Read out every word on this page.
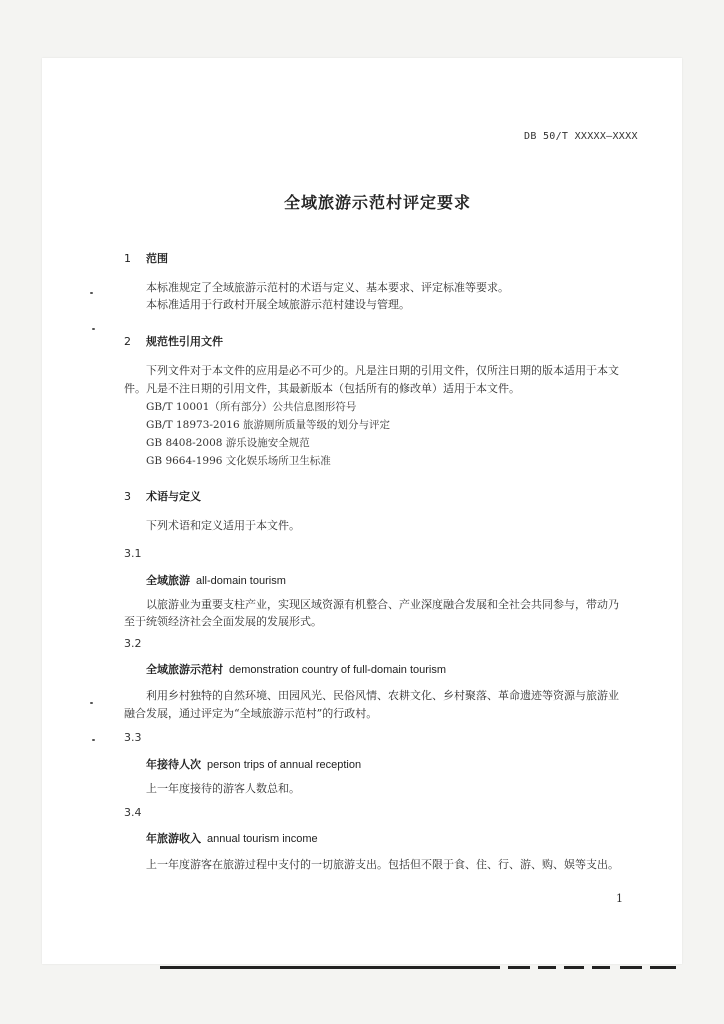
DB 50/T XXXXX—XXXX
全域旅游示范村评定要求
1 范围
本标准规定了全域旅游示范村的术语与定义、基本要求、评定标准等要求。
本标准适用于行政村开展全域旅游示范村建设与管理。
2 规范性引用文件
下列文件对于本文件的应用是必不可少的。凡是注日期的引用文件，仅所注日期的版本适用于本文
件。凡是不注日期的引用文件，其最新版本（包括所有的修改单）适用于本文件。
GB/T 10001（所有部分）公共信息图形符号
GB/T 18973-2016 旅游厕所质量等级的划分与评定
GB 8408-2008 游乐设施安全规范
GB 9664-1996 文化娱乐场所卫生标准
3 术语与定义
下列术语和定义适用于本文件。
3.1
全域旅游 all-domain tourism
以旅游业为重要支柱产业，实现区域资源有机整合、产业深度融合发展和全社会共同参与，带动乃
至于统领经济社会全面发展的发展形式。
3.2
全域旅游示范村 demonstration country of full-domain tourism
利用乡村独特的自然环境、田园风光、民俗风情、农耕文化、乡村聚落、革命遗迹等资源与旅游业
融合发展，通过评定为“全域旅游示范村”的行政村。
3.3
年接待人次 person trips of annual reception
上一年度接待的游客人数总和。
3.4
年旅游收入 annual tourism income
上一年度游客在旅游过程中支付的一切旅游支出。包括但不限于食、住、行、游、购、娱等支出。
1
